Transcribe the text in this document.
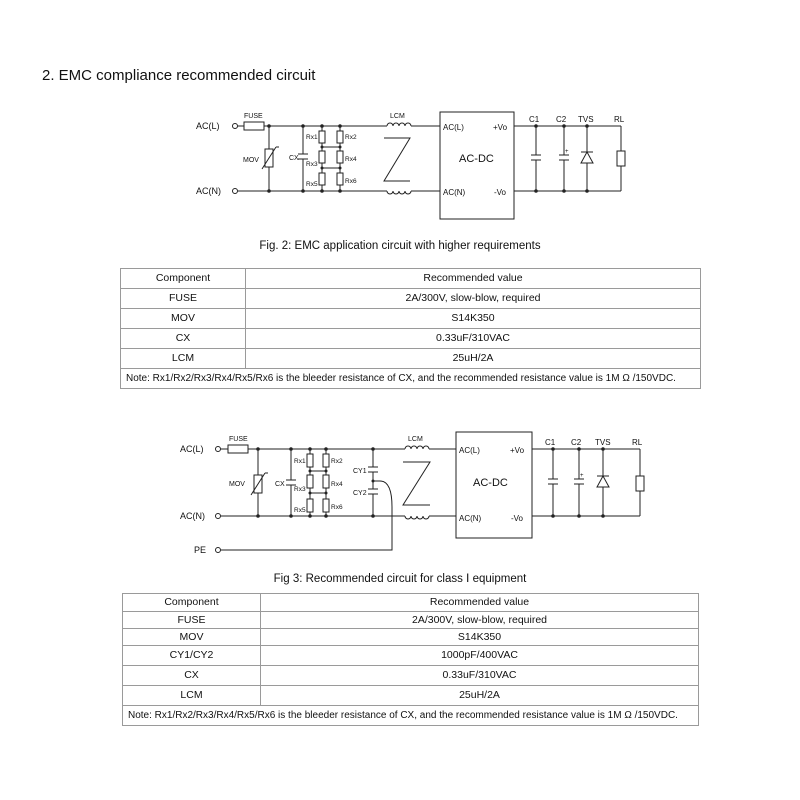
2. EMC compliance recommended circuit
AC(L)
AC(N)
FUSE
MOV	CX
Rx1
Rx3
Rx5
Rx2
Rx4
Rx6
LCM
AC(L)
AC(N)
AC-DC
+Vo
-Vo
C1 C2
+
TVS	RL
Fig. 2: EMC application circuit with higher requirements
Component	Recommended value
FUSE	2A/300V, slow-blow, required
MOV	S14K350
CX	0.33uF/310VAC
LCM	25uH/2A
Note: Rx1/Rx2/Rx3/Rx4/Rx5/Rx6 is the bleeder resistance of CX, and the recommended resistance value is 1M Ω /150VDC.	
AC(L)
AC(N)
PE
FUSE
MOV	CX
Rx1
Rx3
Rx5
Rx2
Rx4
Rx6
CY1
CY2
LCM
AC(L)
AC(N)
AC-DC
+Vo
-Vo
C1 C2
+
TVS	RL
Fig 3: Recommended circuit for class Ⅰ equipment
Component	Recommended value
FUSE	2A/300V, slow-blow, required
MOV	S14K350
CY1/CY2	1000pF/400VAC
CX	0.33uF/310VAC
LCM	25uH/2A
Note: Rx1/Rx2/Rx3/Rx4/Rx5/Rx6 is the bleeder resistance of CX, and the recommended resistance value is 1M Ω /150VDC.	
